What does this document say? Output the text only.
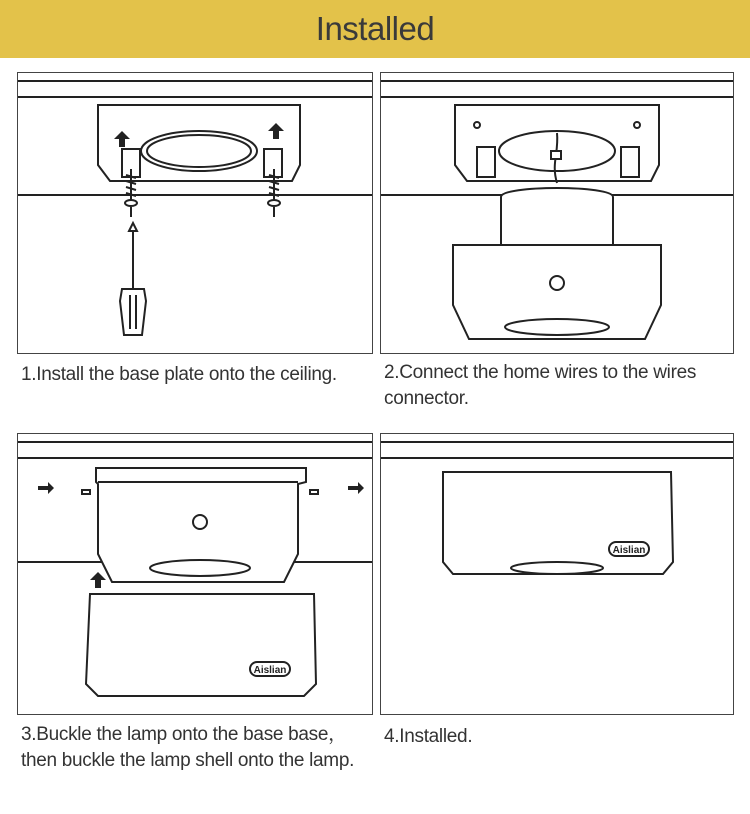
Installed
1.Install the base plate onto the ceiling.	2.Connect the home wires to the wires connector.
Aislian
3.Buckle the lamp onto the base base，
then buckle the lamp shell onto the lamp.
Aislian
4.Installed.
